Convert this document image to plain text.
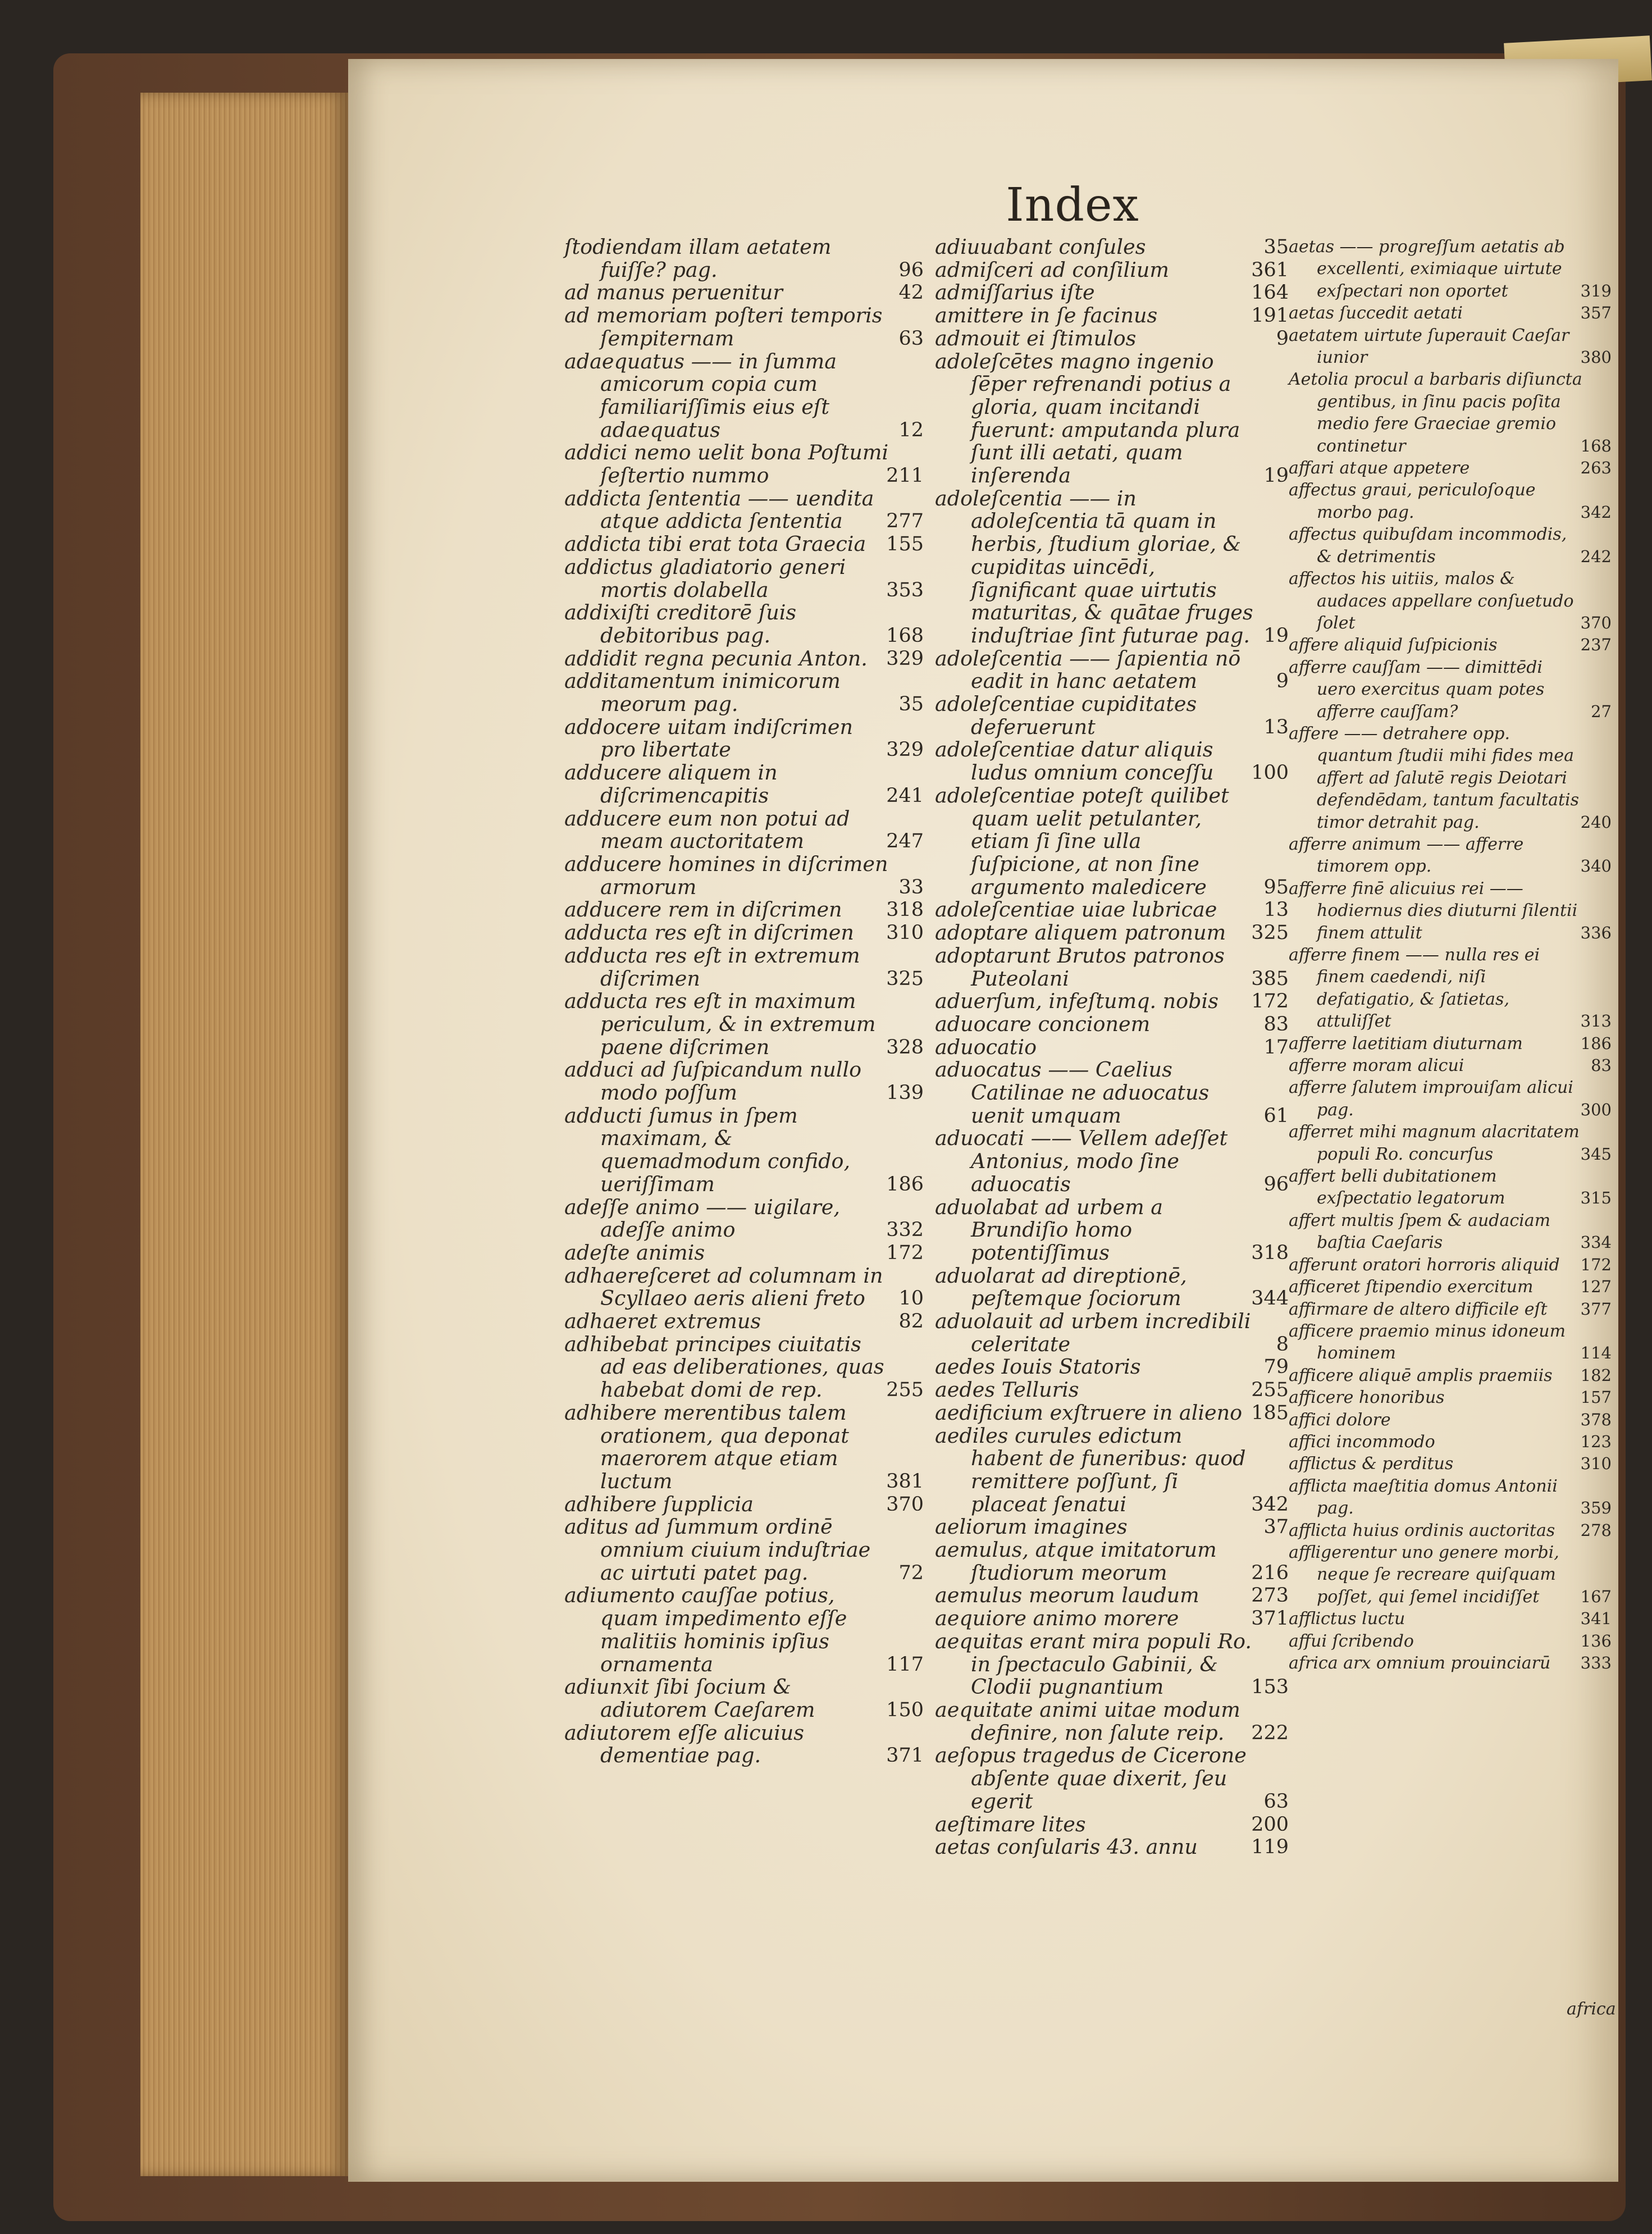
Index
ſtodiendam illam aetatem fuiſſe? pag.	96
ad manus peruenitur	42
ad memoriam poſteri temporis ſempiternam	63
adaequatus —— in ſumma amicorum copia cum familiariſſimis eius eſt adaequatus	12
addici nemo uelit bona Poſtumi ſeſtertio nummo	211
addicta ſententia —— uendita atque addicta ſententia 277
addicta tibi erat tota Graecia 155
addictus gladiatorio generi mortis dolabella	353
addixiſti creditorē ſuis debitoribus pag.	168
addidit regna pecunia Anton. 329
additamentum inimicorum meorum pag.	35
addocere uitam indiſcrimen pro libertate	329
adducere aliquem in diſcrimencapitis	241
adducere eum non potui ad meam auctoritatem	247
adducere homines in diſcrimen armorum	33
adducere rem in diſcrimen 318
adducta res eſt in diſcrimen 310
adducta res eſt in extremum diſcrimen	325
adducta res eſt in maximum periculum, & in extremum paene diſcrimen	328
adduci ad ſuſpicandum nullo modo poſſum	139
adducti ſumus in ſpem maximam, & quemadmodum confido, ueriſſimam	186
adeſſe animo —— uigilare, adeſſe animo	332
adeſte animis	172
adhaereſceret ad columnam in Scyllaeo aeris alieni freto 10
adhaeret extremus	82
adhibebat principes ciuitatis ad eas deliberationes, quas habebat domi de rep.	255
adhibere merentibus talem orationem, qua deponat maerorem atque etiam luctum	381
adhibere ſupplicia	370
aditus ad ſummum ordinē omnium ciuium induſtriae ac uirtuti patet pag.	72
adiumento cauſſae potius, quam impedimento eſſe malitiis hominis ipſius ornamenta	117
adiunxit ſibi ſocium & adiutorem Caeſarem	150
adiutorem eſſe alicuius dementiae pag.	371
adiuuabant conſules	35
admiſceri ad conſilium	361
admiſſarius iſte	164
amittere in ſe facinus	191
admouit ei ſtimulos	9
adoleſcētes magno ingenio ſēper refrenandi potius a gloria, quam incitandi fuerunt: amputanda plura ſunt illi aetati, quam inſerenda	19
adoleſcentia —— in adoleſcentia tā quam in herbis, ſtudium gloriae, & cupiditas uincēdi, ſignificant quae uirtutis maturitas, & quātae fruges induſtriae ſint futurae pag. 19
adoleſcentia —— ſapientia nō eadit in hanc aetatem	9
adoleſcentiae cupiditates deferuerunt	13
adoleſcentiae datur aliquis ludus omnium conceſſu 100
adoleſcentiae poteſt quilibet quam uelit petulanter, etiam ſi ſine ulla ſuſpicione, at non ſine argumento maledicere	95
adoleſcentiae uiae lubricae 13
adoptare aliquem patronum 325
adoptarunt Brutos patronos Puteolani	385
aduerſum, infeſtumq. nobis 172
aduocare concionem	83
aduocatio	17
aduocatus —— Caelius Catilinae ne aduocatus uenit umquam	61
aduocati —— Vellem adeſſet Antonius, modo ſine aduocatis	96
aduolabat ad urbem a Brundiſio homo potentiſſimus	318
aduolarat ad direptionē, peſtemque ſociorum	344
aduolauit ad urbem incredibili celeritate	8
aedes Iouis Statoris	79
aedes Telluris	255
aedificium exſtruere in alieno 185
aediles curules edictum habent de funeribus: quod remittere poſſunt, ſi placeat ſenatui	342
aeliorum imagines	37
aemulus, atque imitatorum ſtudiorum meorum	216
aemulus meorum laudum	273
aequiore animo morere	371
aequitas erant mira populi Ro. in ſpectaculo Gabinii, & Clodii pugnantium	153
aequitate animi uitae modum definire, non ſalute reip. 222
aeſopus tragedus de Cicerone abſente quae dixerit, ſeu egerit	63
aeſtimare lites	200
aetas conſularis 43. annu	119
aetas —— progreſſum aetatis ab excellenti, eximiaque uirtute exſpectari non oportet	319
aetas ſuccedit aetati	357
aetatem uirtute ſuperauit Caeſar iunior	380
Aetolia procul a barbaris diſiuncta gentibus, in ſinu pacis poſita medio fere Graeciae gremio continetur	168
affari atque appetere	263
affectus graui, periculoſoque morbo pag.	342
affectus quibuſdam incommodis, & detrimentis	242
affectos his uitiis, malos & audaces appellare conſuetudo ſolet	370
affere aliquid ſuſpicionis	237
afferre cauſſam —— dimittēdi uero exercitus quam potes afferre cauſſam?	27
affere —— detrahere opp. quantum ſtudii mihi fides mea affert ad ſalutē regis Deiotari defendēdam, tantum facultatis timor detrahit pag.	240
afferre animum —— afferre timorem opp.	340
afferre finē alicuius rei —— hodiernus dies diuturni ſilentii finem attulit	336
afferre finem —— nulla res ei finem caedendi, niſi defatigatio, & ſatietas, attuliſſet	313
afferre laetitiam diuturnam	186
afferre moram alicui	83
afferre ſalutem improuiſam alicui pag.	300
afferret mihi magnum alacritatem populi Ro. concurſus	345
affert belli dubitationem exſpectatio legatorum	315
affert multis ſpem & audaciam baſtia Caeſaris	334
afferunt oratori horroris aliquid 172
afficeret ſtipendio exercitum	127
affirmare de altero difficile eſt 377
afficere praemio minus idoneum hominem	114
afficere aliquē amplis praemiis 182
afficere honoribus	157
affici dolore	378
affici incommodo	123
afflictus & perditus	310
afflicta maeſtitia domus Antonii pag.	359
afflicta huius ordinis auctoritas 278
affligerentur uno genere morbi, neque ſe recreare quiſquam poſſet, qui ſemel incidiſſet	167
afflictus luctu	341
affui ſcribendo	136
africa arx omnium prouinciarū 333
africa
